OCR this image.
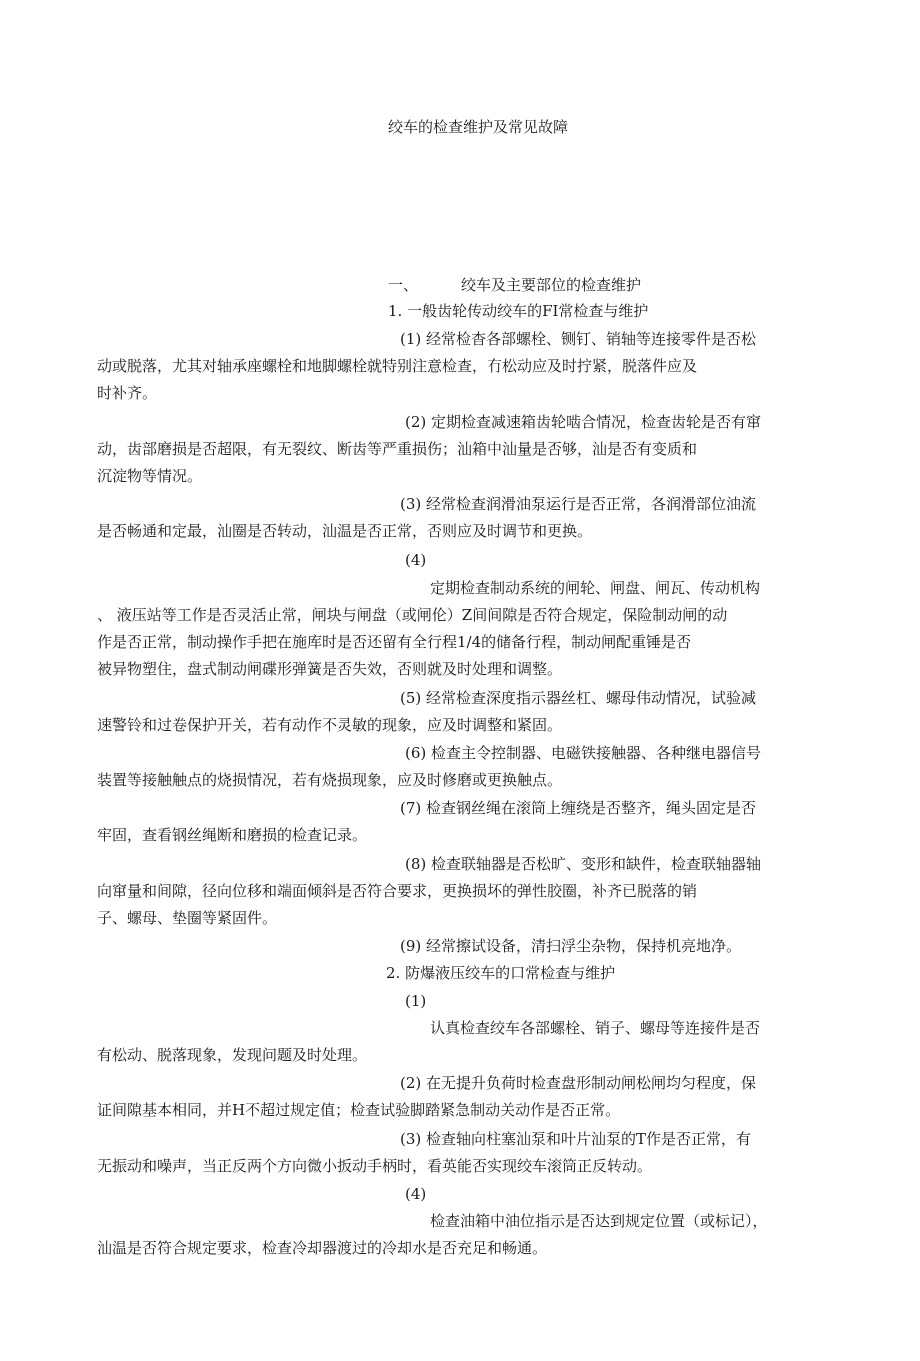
绞车的检查维护及常见故障
一、	绞车及主要部位的检查维护
1. 一般齿轮传动绞车的FI常检查与维护
(1) 经常检杳各部螺栓、铡钉、销轴等连接零件是否松
动或脱落，尤其对轴承座螺栓和地脚螺栓就特别注意检查，冇松动应及时拧紧，脱落件应及
时补齐。
(2) 定期检查减速箱齿轮啮合情况，检查齿轮是否有窜
动，齿部磨损是否超限，有无裂纹、断齿等严重损伤；汕箱中汕量是否够，汕是否有变质和
沉淀物等情况。
(3) 经常检查润滑油泵运行是否正常，各润滑部位油流
是否畅通和定最，汕圈是否转动，汕温是否正常，否则应及时调节和更换。
(4)
定期检查制动系统的闸轮、闸盘、闸瓦、传动机构
、 液压站等工作是否灵活止常，闸块与闸盘（或闸伦）Z间间隙是否符合规定，保险制动闸的动
作是否正常，制动操作手把在施库时是否还留有全行程1/4的储备行程，制动闸配重锤是否
被异物塑住，盘式制动闸碟形弹簧是否失效，否则就及时处理和调整。
(5) 经常检查深度指示器丝杠、螺母伟动情况，试验减
速警铃和过卷保护开关，若有动作不灵敏的现象，应及时调整和紧固。
(6) 检查主令控制器、电磁铁接触器、各种继电器信号
装置等接触触点的烧损情况，若有烧损现象，应及时修磨或更换触点。
(7) 检查钢丝绳在滚筒上缠绕是否整齐，绳头固定是否
牢固，查看钢丝绳断和磨损的检查记录。
(8) 检查联轴器是否松旷、变形和缺件，检查联轴器轴
向窜量和间隙，径向位移和端面倾斜是否符合要求，更换损坏的弹性胶圈，补齐已脱落的销
子、螺母、垫圈等紧固件。
(9) 经常擦试设备，清扫浮尘杂物，保持机亮地净。
2. 防爆液压绞车的口常检查与维护
(1)
认真检查绞车各部螺栓、销子、螺母等连接件是否
有松动、脱落现象，发现问题及时处理。
(2) 在无提升负荷时检查盘形制动闸松闸均匀程度，保
证间隙基本相同，并H不超过规定值；检查试验脚踏紧急制动关动作是否正常。
(3) 检查轴向柱塞汕泵和叶片汕泵的T作是否正常，有
无振动和噪声，当正反两个方向微小扳动手柄时，看英能否实现绞车滚筒正反转动。
(4)
检查油箱中油位指示是否达到规定位置（或标记），
汕温是否符合规定要求，检查冷却器渡过的冷却水是否充足和畅通。
